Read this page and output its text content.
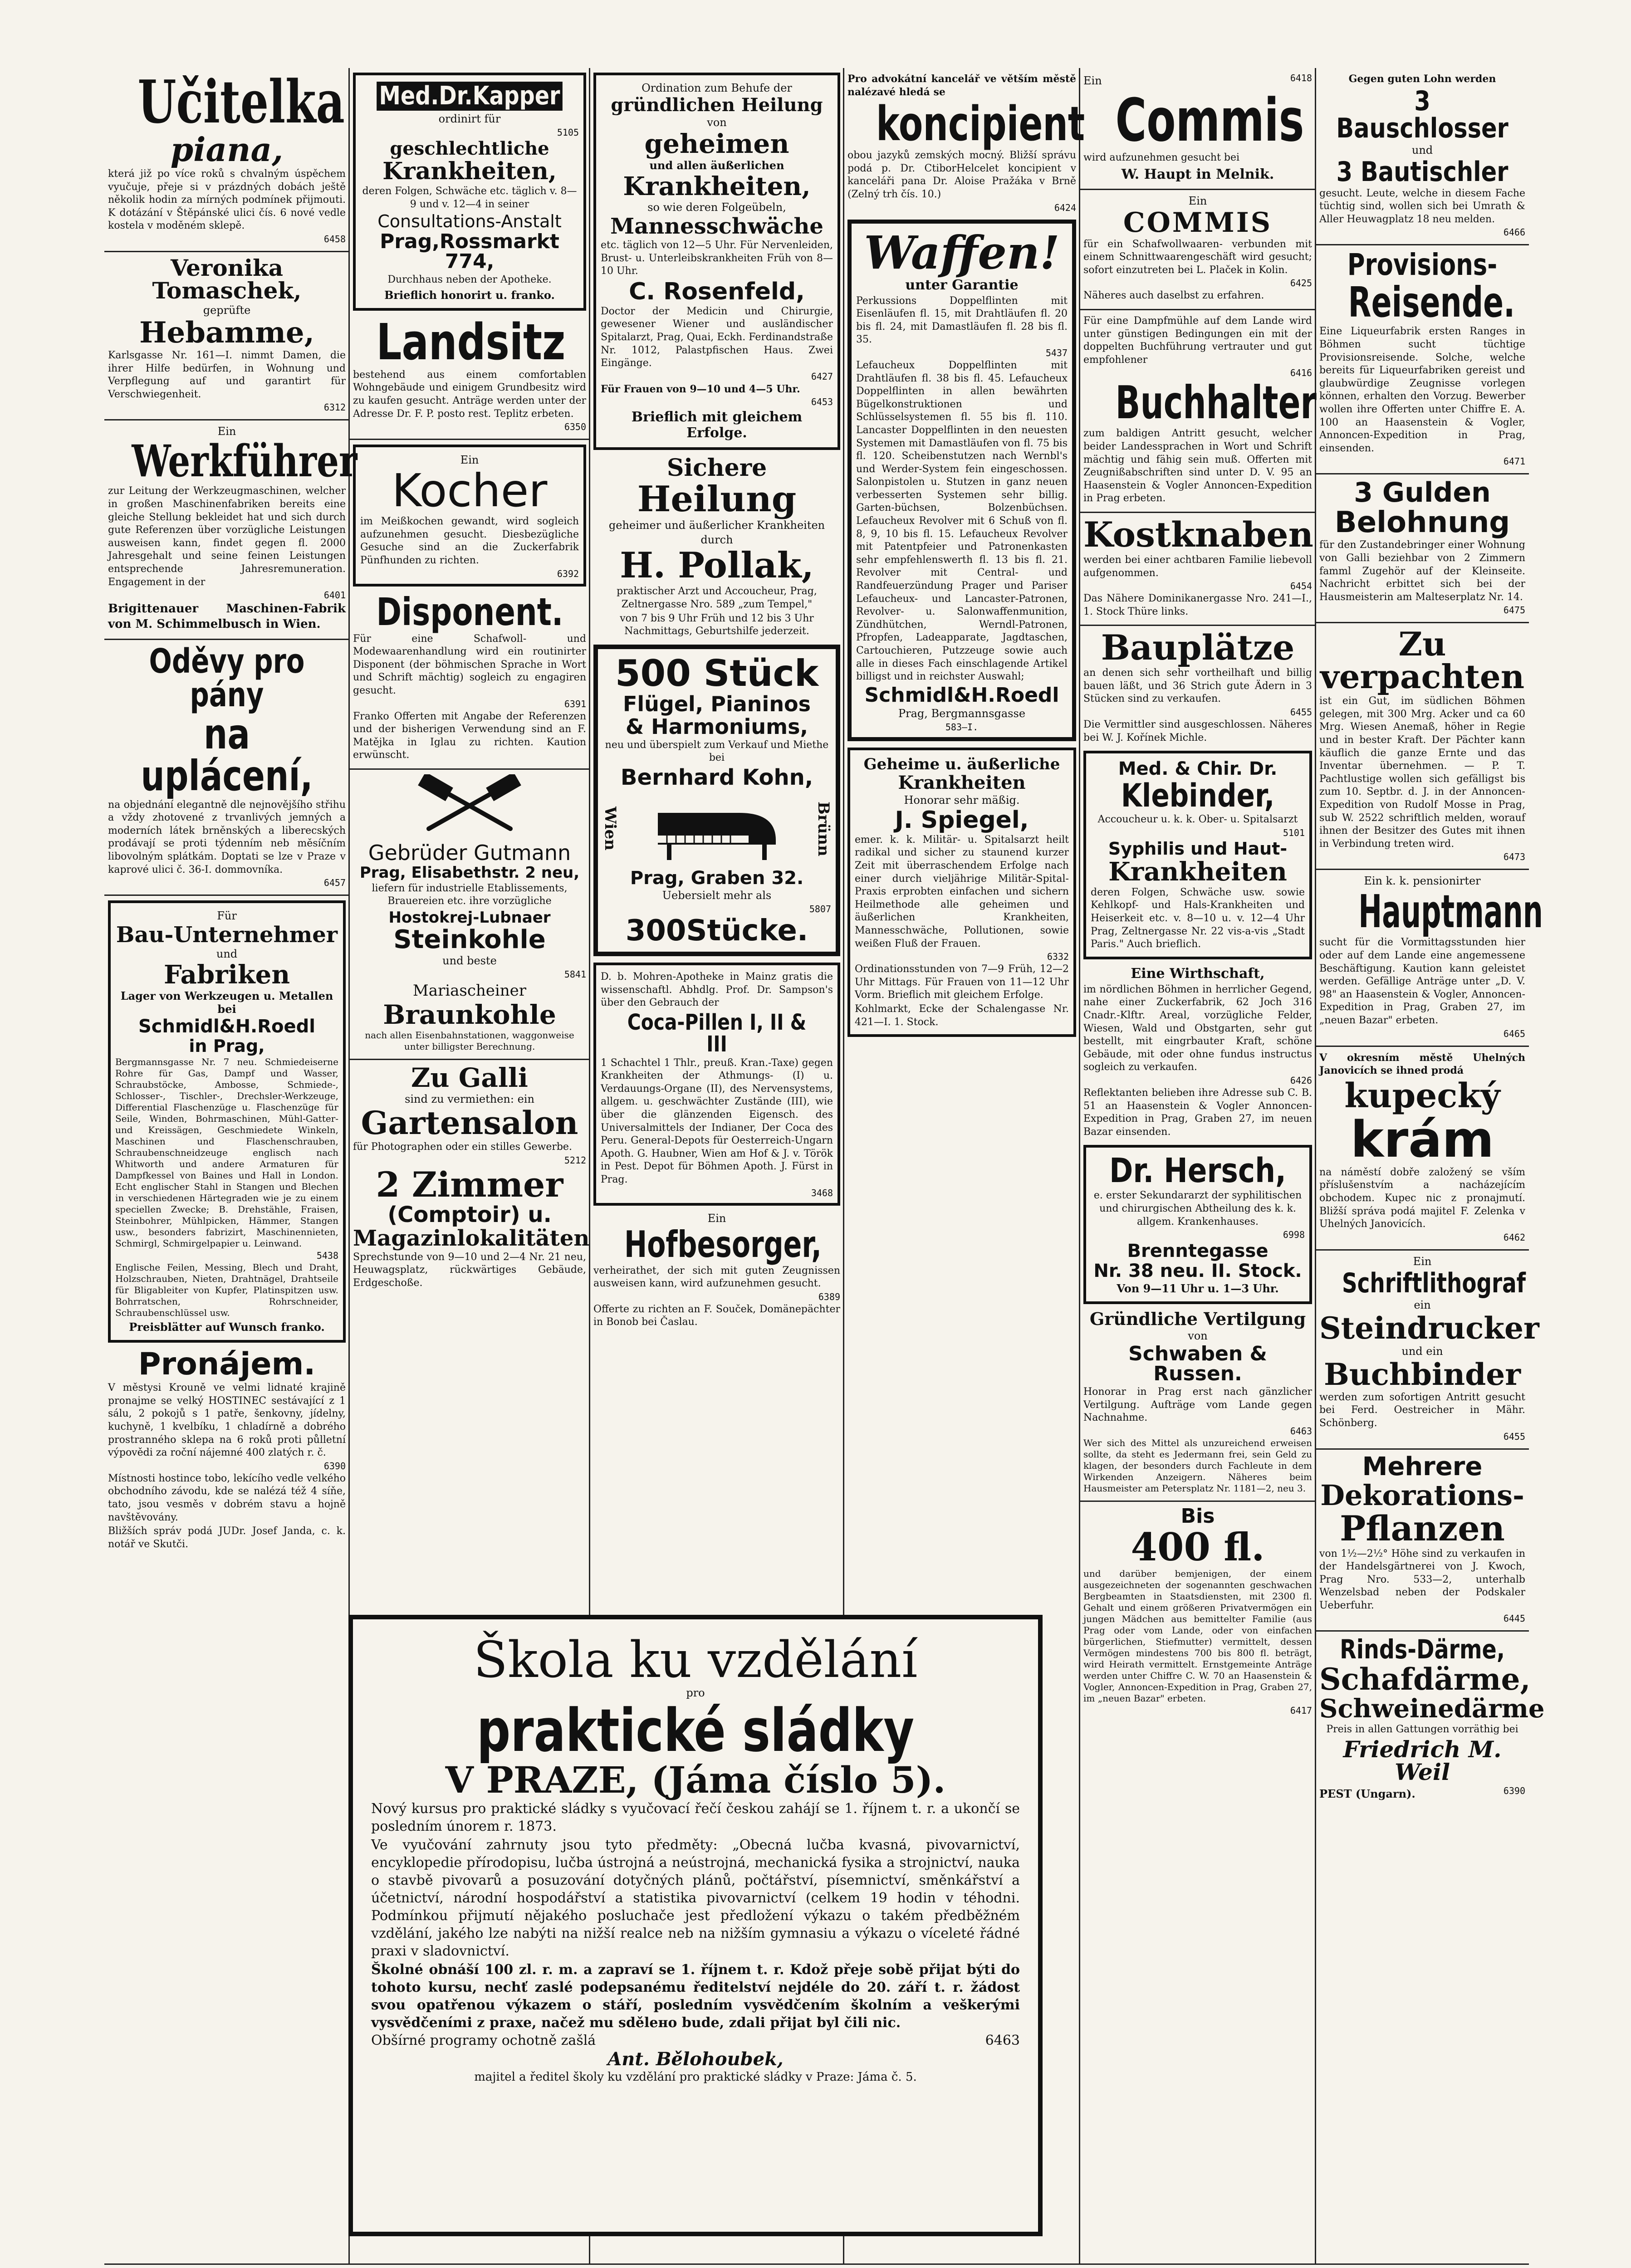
Učitelka
piana,
která již po více roků s chvalným úspěchem vyučuje, přeje si v prázdných dobách ještě několik hodin za mírných podmínek přijmouti. K dotázání v Štěpánské ulici čís. 6 nové vedle kostela v moděném sklepě.
6458
Veronika Tomaschek,
geprüfte
Hebamme,
Karlsgasse Nr. 161—I. nimmt Damen, die ihrer Hilfe bedürfen, in Wohnung und Verpflegung auf und garantirt für Verschwiegenheit.
6312
Ein
Werkführer
zur Leitung der Werkzeugmaschinen, welcher in großen Maschinenfabriken bereits eine gleiche Stellung bekleidet hat und sich durch gute Referenzen über vorzügliche Leistungen ausweisen kann, findet gegen fl. 2000 Jahresgehalt und seine feinen Leistungen entsprechende Jahresremuneration. Engagement in der
6401
Brigittenauer Maschinen-Fabrik von M. Schimmelbusch in Wien.
Oděvy pro pány
na uplácení,
na objednání elegantně dle nejnovějšího střihu a vždy zhotovené z trvanlivých jemných a moderních látek brněnských a liberecských prodávají se proti týdenním neb měsíčním libovolným splátkám. Doptati se lze v Praze v kaprové ulici č. 36-I. dommovníka.
6457
Für
Bau-Unternehmer
und
Fabriken
Lager von Werkzeugen u. Metallen bei
Schmidl&H.Roedl
in Prag,
Bergmannsgasse Nr. 7 neu. Schmiedeiserne Rohre für Gas, Dampf und Wasser, Schraubstöcke, Ambosse, Schmiede-, Schlosser-, Tischler-, Drechsler-Werkzeuge, Differential Flaschenzüge u. Flaschenzüge für Seile, Winden, Bohrmaschinen, Mühl-Gatter- und Kreissägen, Geschmiedete Winkeln, Maschinen und Flaschenschrauben, Schraubenschneidzeuge englisch nach Whitworth und andere Armaturen für Dampfkessel von Baines und Hall in London. Echt englischer Stahl in Stangen und Blechen in verschiedenen Härtegraden wie je zu einem speciellen Zwecke; B. Drehstähle, Fraisen, Steinbohrer, Mühlpicken, Hämmer, Stangen usw., besonders fabrizirt, Maschinennieten, Schmirgl, Schmirgelpapier u. Leinwand.
5438
Englische Feilen, Messing, Blech und Draht, Holzschrauben, Nieten, Drahtnägel, Drahtseile für Bligableiter von Kupfer, Platinspitzen usw. Bohrratschen, Rohrschneider, Schraubenschlüssel usw.
Preisblätter auf Wunsch franko.
Pronájem.
V městysi Krouně ve velmi lidnaté krajině pronajme se velký HOSTINEC sestávající z 1 sálu, 2 pokojů s 1 patře, šenkovny, jídelny, kuchyně, 1 kvelbíku, 1 chladírně a dobrého prostranného sklepa na 6 roků proti půlletní výpovědi za roční nájemné 400 zlatých r. č.
6390
Místnosti hostince tobo, lekícího vedle velkého obchodního závodu, kde se nalézá též 4 síňe, tato, jsou vesměs v dobrém stavu a hojně navštěvovány.
Bližších správ podá JUDr. Josef Janda, c. k. notář ve Skutči.
Med.Dr.Kapper
ordinirt für
5105
geschlechtliche
Krankheiten,
deren Folgen, Schwäche etc. täglich v. 8—9 und v. 12—4 in seiner
Consultations-Anstalt
Prag,Rossmarkt 774,
Durchhaus neben der Apotheke.
Brieflich honorirt u. franko.
Landsitz
bestehend aus einem comfortablen Wohngebäude und einigem Grundbesitz wird zu kaufen gesucht. Anträge werden unter der Adresse Dr. F. P. posto rest. Teplitz erbeten.
6350
Ein
Kocher
im Meißkochen gewandt, wird sogleich aufzunehmen gesucht. Diesbezügliche Gesuche sind an die Zuckerfabrik Pünfhunden zu richten.
6392
Disponent.
Für eine Schafwoll- und Modewaarenhandlung wird ein routinirter Disponent (der böhmischen Sprache in Wort und Schrift mächtig) sogleich zu engagiren gesucht.
6391
Franko Offerten mit Angabe der Referenzen und der bisherigen Verwendung sind an F. Matějka in Iglau zu richten. Kaution erwünscht.
Gebrüder Gutmann
Prag, Elisabethstr. 2 neu,
liefern für industrielle Etablissements, Brauereien etc. ihre vorzügliche
Hostokrej-Lubnaer
Steinkohle
und beste
5841
Mariascheiner
Braunkohle
nach allen Eisenbahnstationen, waggonweise unter billigster Berechnung.
Zu Galli
sind zu vermiethen: ein
Gartensalon
für Photographen oder ein stilles Gewerbe.
5212
2 Zimmer
(Comptoir) u.
Magazinlokalitäten
Sprechstunde von 9—10 und 2—4 Nr. 21 neu, Heuwagsplatz, rückwärtiges Gebäude, Erdgeschoße.
Ordination zum Behufe der
gründlichen Heilung
von
geheimen
und allen äußerlichen
Krankheiten,
so wie deren Folgeübeln,
Mannesschwäche
etc. täglich von 12—5 Uhr. Für Nervenleiden, Brust- u. Unterleibskrankheiten Früh von 8—10 Uhr.
C. Rosenfeld,
Doctor der Medicin und Chirurgie, gewesener Wiener und ausländischer Spitalarzt, Prag, Quai, Eckh. Ferdinandstraße Nr. 1012, Palastpfischen Haus. Zwei Eingänge.
6427
Für Frauen von 9—10 und 4—5 Uhr.
6453
Brieflich mit gleichem Erfolge.
Sichere
Heilung
geheimer und äußerlicher Krankheiten
durch
H. Pollak,
praktischer Arzt und Accoucheur, Prag, Zeltnergasse Nro. 589 „zum Tempel,"
von 7 bis 9 Uhr Früh und 12 bis 3 Uhr Nachmittags, Geburtshilfe jederzeit.
500 Stück
Flügel, Pianinos
& Harmoniums,
neu und überspielt zum Verkauf und Miethe bei
Bernhard Kohn,
Wien	Brünn
Prag, Graben 32.
Uebersielt mehr als
5807
300Stücke.
D. b. Mohren-Apotheke in Mainz gratis die wissenschaftl. Abhdlg. Prof. Dr. Sampson's über den Gebrauch der
Coca-Pillen I, II & III
1 Schachtel 1 Thlr., preuß. Kran.-Taxe) gegen Krankheiten der Athmungs- (I) u. Verdauungs-Organe (II), des Nervensystems, allgem. u. geschwächter Zustände (III), wie über die glänzenden Eigensch. des Universalmittels der Indianer, Der Coca des Peru. General-Depots für Oesterreich-Ungarn Apoth. G. Haubner, Wien am Hof & J. v. Török in Pest. Depot für Böhmen Apoth. J. Fürst in Prag.
3468
Ein
Hofbesorger,
verheirathet, der sich mit guten Zeugnissen ausweisen kann, wird aufzunehmen gesucht.
6389
Offerte zu richten an F. Souček, Domänepächter in Bonob bei Časlau.
Pro advokátní kancelář ve větším městě nalézavé hledá se
koncipient
obou jazyků zemských mocný. Bližší správu podá p. Dr. CtiborHelcelet koncipient v kanceláři pana Dr. Aloise Pražáka v Brně (Zelný trh čís. 10.)
6424
Waffen!
unter Garantie
Perkussions Doppelflinten mit Eisenläufen fl. 15, mit Drahtläufen fl. 20 bis fl. 24, mit Damastläufen fl. 28 bis fl. 35.
5437
Lefaucheux Doppelflinten mit Drahtläufen fl. 38 bis fl. 45. Lefaucheux Doppelflinten in allen bewährten Bügelkonstruktionen und Schlüsselsystemen fl. 55 bis fl. 110. Lancaster Doppelflinten in den neuesten Systemen mit Damastläufen von fl. 75 bis fl. 120. Scheibenstutzen nach Wernbl's und Werder-System fein eingeschossen. Salonpistolen u. Stutzen in ganz neuen verbesserten Systemen sehr billig. Garten-büchsen, Bolzenbüchsen. Lefaucheux Revolver mit 6 Schuß von fl. 8, 9, 10 bis fl. 15. Lefaucheux Revolver mit Patentpfeier und Patronenkasten sehr empfehlenswerth fl. 13 bis fl. 21. Revolver mit Central- und Randfeuerzündung Prager und Pariser Lefaucheux- und Lancaster-Patronen, Revolver- u. Salonwaffenmunition, Zündhütchen, Werndl-Patronen, Pfropfen, Ladeapparate, Jagdtaschen, Cartouchieren, Putzzeuge sowie auch alle in dieses Fach einschlagende Artikel billigst und in reichster Auswahl;
Schmidl&H.Roedl
Prag, Bergmannsgasse
583—I.
Geheime u. äußerliche
Krankheiten
Honorar sehr mäßig.
J. Spiegel,
emer. k. k. Militär- u. Spitalsarzt heilt radikal und sicher zu staunend kurzer Zeit mit überraschendem Erfolge nach einer durch vieljährige Militär-Spital-Praxis erprobten einfachen und sichern Heilmethode alle geheimen und äußerlichen Krankheiten, Mannesschwäche, Pollutionen, sowie weißen Fluß der Frauen.
6332
Ordinationsstunden von 7—9 Früh, 12—2 Uhr Mittags. Für Frauen von 11—12 Uhr Vorm. Brieflich mit gleichem Erfolge.
Kohlmarkt, Ecke der Schalengasse Nr. 421—I. 1. Stock.
Ein	6418
Commis
wird aufzunehmen gesucht bei
W. Haupt in Melnik.
Ein
COMMIS
für ein Schafwollwaaren- verbunden mit einem Schnittwaarengeschäft wird gesucht; sofort einzutreten bei L. Plaček in Kolin.
6425
Näheres auch daselbst zu erfahren.
Für eine Dampfmühle auf dem Lande wird unter günstigen Bedingungen ein mit der doppelten Buchführung vertrauter und gut empfohlener
6416
Buchhalter
zum baldigen Antritt gesucht, welcher beider Landessprachen in Wort und Schrift mächtig und fähig sein muß. Offerten mit Zeugnißabschriften sind unter D. V. 95 an Haasenstein & Vogler Annoncen-Expedition in Prag erbeten.
Kostknaben
werden bei einer achtbaren Familie liebevoll aufgenommen.
6454
Das Nähere Dominikanergasse Nro. 241—I., 1. Stock Thüre links.
Bauplätze
an denen sich sehr vortheilhaft und billig bauen läßt, und 36 Strich gute Ädern in 3 Stücken sind zu verkaufen.
6455
Die Vermittler sind ausgeschlossen. Näheres bei W. J. Kořínek Michle.
Med. & Chir. Dr.
Klebinder,
Accoucheur u. k. k. Ober- u. Spitalsarzt
5101
Syphilis und Haut-
Krankheiten
deren Folgen, Schwäche usw. sowie Kehlkopf- und Hals-Krankheiten und Heiserkeit etc. v. 8—10 u. v. 12—4 Uhr Prag, Zeltnergasse Nr. 22 vis-a-vis „Stadt Paris." Auch brieflich.
Eine Wirthschaft,
im nördlichen Böhmen in herrlicher Gegend, nahe einer Zuckerfabrik, 62 Joch 316 Cnadr.-Klftr. Areal, vorzügliche Felder, Wiesen, Wald und Obstgarten, sehr gut bestellt, mit eingrbauter Kraft, schöne Gebäude, mit oder ohne fundus instructus sogleich zu verkaufen.
6426
Reflektanten belieben ihre Adresse sub C. B. 51 an Haasenstein & Vogler Annoncen-Expedition in Prag, Graben 27, im neuen Bazar einsenden.
Dr. Hersch,
e. erster Sekundararzt der syphilitischen und chirurgischen Abtheilung des k. k. allgem. Krankenhauses.
6998
Brenntegasse
Nr. 38 neu. II. Stock.
Von 9—11 Uhr u. 1—3 Uhr.
Gründliche Vertilgung
von
Schwaben & Russen.
Honorar in Prag erst nach gänzlicher Vertilgung. Aufträge vom Lande gegen Nachnahme.
6463
Wer sich des Mittel als unzureichend erweisen sollte, da steht es Jedermann frei, sein Geld zu klagen, der besonders durch Fachleute in dem Wirkenden Anzeigern. Näheres beim Hausmeister am Petersplatz Nr. 1181—2, neu 3.
Bis
400 fl.
und darüber bemjenigen, der einem ausgezeichneten der sogenannten geschwachen Bergbeamten in Staatsdiensten, mit 2300 fl. Gehalt und einem größeren Privatvermögen ein jungen Mädchen aus bemittelter Familie (aus Prag oder vom Lande, oder von einfachen bürgerlichen, Stiefmutter) vermittelt, dessen Vermögen mindestens 700 bis 800 fl. beträgt, wird Heirath vermittelt. Ernstgemeinte Anträge werden unter Chiffre C. W. 70 an Haasenstein & Vogler, Annoncen-Expedition in Prag, Graben 27, im „neuen Bazar" erbeten.
6417
Gegen guten Lohn werden
3 Bauschlosser
und
3 Bautischler
gesucht. Leute, welche in diesem Fache tüchtig sind, wollen sich bei Umrath & Aller Heuwagplatz 18 neu melden.
6466
Provisions-
Reisende.
Eine Liqueurfabrik ersten Ranges in Böhmen sucht tüchtige Provisionsreisende. Solche, welche bereits für Liqueurfabriken gereist und glaubwürdige Zeugnisse vorlegen können, erhalten den Vorzug. Bewerber wollen ihre Offerten unter Chiffre E. A. 100 an Haasenstein & Vogler, Annoncen-Expedition in Prag, einsenden.
6471
3 Gulden
Belohnung
für den Zustandebringer einer Wohnung von Galli beziehbar von 2 Zimmern famml Zugehör auf der Kleinseite. Nachricht erbittet sich bei der Hausmeisterin am Malteserplatz Nr. 14.
6475
Zu verpachten
ist ein Gut, im südlichen Böhmen gelegen, mit 300 Mrg. Acker und ca 60 Mrg. Wiesen Anemaß, höher in Regie und in bester Kraft. Der Pächter kann käuflich die ganze Ernte und das Inventar übernehmen. — P. T. Pachtlustige wollen sich gefälligst bis zum 10. Septbr. d. J. in der Annoncen-Expedition von Rudolf Mosse in Prag, sub W. 2522 schriftlich melden, worauf ihnen der Besitzer des Gutes mit ihnen in Verbindung treten wird.
6473
Ein k. k. pensionirter
Hauptmann
sucht für die Vormittagsstunden hier oder auf dem Lande eine angemessene Beschäftigung. Kaution kann geleistet werden. Gefällige Anträge unter „D. V. 98" an Haasenstein & Vogler, Annoncen-Expedition in Prag, Graben 27, im „neuen Bazar" erbeten.
6465
V okresním městě Uhelných Janovicích se ihned prodá
kupecký
krám
na náměstí dobře založený se vším příslušenstvím a nacházejícím obchodem. Kupec nic z pronajmutí. Bližší správa podá majitel F. Zelenka v Uhelných Janovicích.
6462
Ein
Schriftlithograf
ein
Steindrucker
und ein
Buchbinder
werden zum sofortigen Antritt gesucht bei Ferd. Oestreicher in Mähr. Schönberg.
6455
Mehrere
Dekorations-
Pflanzen
von 1½—2½° Höhe sind zu verkaufen in der Handelsgärtnerei von J. Kwoch, Prag Nro. 533—2, unterhalb Wenzelsbad neben der Podskaler Ueberfuhr.
6445
Rinds-Därme,
Schafdärme,
Schweinedärme
Preis in allen Gattungen vorräthig bei
Friedrich M. Weil
PEST (Ungarn).	6390
Škola ku vzdělání
pro
praktické sládky
V PRAZE, (Jáma číslo 5).
Nový kursus pro praktické sládky s vyučovací řečí českou zahájí se 1. říjnem t. r. a ukončí se posledním únorem r. 1873.
Ve vyučování zahrnuty jsou tyto předměty: „Obecná lučba kvasná, pivovarnictví, encyklopedie přírodopisu, lučba ústrojná a neústrojná, mechanická fysika a strojnictví, nauka o stavbě pivovarů a posuzování dotyčných plánů, počtářství, písemnictví, směnkářství a účetnictví, národní hospodářství a statistika pivovarnictví (celkem 19 hodin v téhodni. Podmínkou přijmutí nějakého posluchače jest předložení výkazu o takém předběžném vzdělání, jakého lze nabýti na nižší realce neb na nižším gymnasiu a výkazu o víceleté řádné praxi v sladovnictví.
Školné obnáší 100 zl. r. m. a zapraví se 1. říjnem t. r. Kdož přeje sobě přijat býti do tohoto kursu, nechť zaslé podepsanému ředitelství nejdéle do 20. září t. r. žádost svou opatřenou výkazem o stáří, posledním vysvědčením školním a veškerými vysvědčeními z praxe, načež mu sdělено bude, zdali přijat byl čili nic.
Obšírné programy ochotně zašlá	6463
Ant. Bělohoubek,
majitel a ředitel školy ku vzdělání pro praktické sládky v Praze: Jáma č. 5.
